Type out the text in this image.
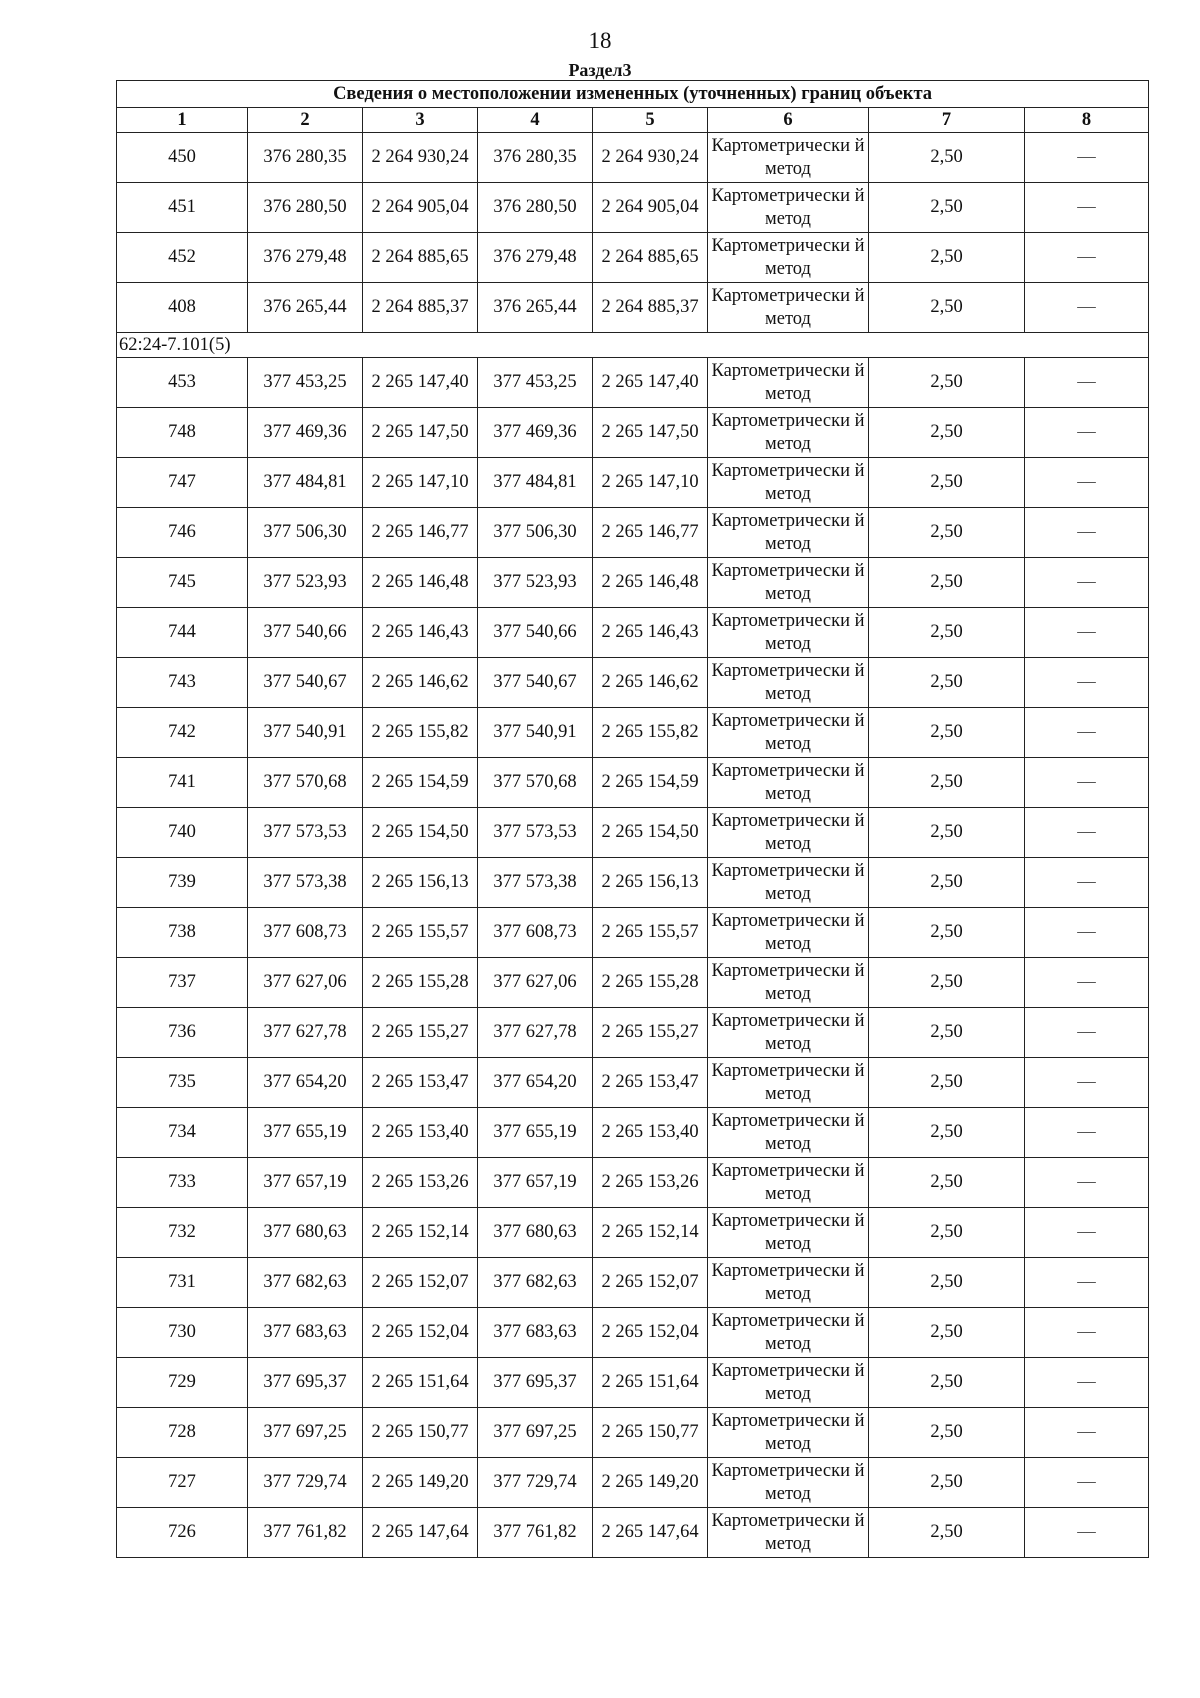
18
Раздел3
Сведения о местоположении измененных (уточненных) границ объекта							
1	2	3	4	5	6	7	8
450	376 280,35	2 264 930,24	376 280,35	2 264 930,24	Картометрически й метод	2,50	—
451	376 280,50	2 264 905,04	376 280,50	2 264 905,04	Картометрически й метод	2,50	—
452	376 279,48	2 264 885,65	376 279,48	2 264 885,65	Картометрически й метод	2,50	—
408	376 265,44	2 264 885,37	376 265,44	2 264 885,37	Картометрически й метод	2,50	—
62:24-7.101(5)							
453	377 453,25	2 265 147,40	377 453,25	2 265 147,40	Картометрически й метод	2,50	—
748	377 469,36	2 265 147,50	377 469,36	2 265 147,50	Картометрически й метод	2,50	—
747	377 484,81	2 265 147,10	377 484,81	2 265 147,10	Картометрически й метод	2,50	—
746	377 506,30	2 265 146,77	377 506,30	2 265 146,77	Картометрически й метод	2,50	—
745	377 523,93	2 265 146,48	377 523,93	2 265 146,48	Картометрически й метод	2,50	—
744	377 540,66	2 265 146,43	377 540,66	2 265 146,43	Картометрически й метод	2,50	—
743	377 540,67	2 265 146,62	377 540,67	2 265 146,62	Картометрически й метод	2,50	—
742	377 540,91	2 265 155,82	377 540,91	2 265 155,82	Картометрически й метод	2,50	—
741	377 570,68	2 265 154,59	377 570,68	2 265 154,59	Картометрически й метод	2,50	—
740	377 573,53	2 265 154,50	377 573,53	2 265 154,50	Картометрически й метод	2,50	—
739	377 573,38	2 265 156,13	377 573,38	2 265 156,13	Картометрически й метод	2,50	—
738	377 608,73	2 265 155,57	377 608,73	2 265 155,57	Картометрически й метод	2,50	—
737	377 627,06	2 265 155,28	377 627,06	2 265 155,28	Картометрически й метод	2,50	—
736	377 627,78	2 265 155,27	377 627,78	2 265 155,27	Картометрически й метод	2,50	—
735	377 654,20	2 265 153,47	377 654,20	2 265 153,47	Картометрически й метод	2,50	—
734	377 655,19	2 265 153,40	377 655,19	2 265 153,40	Картометрически й метод	2,50	—
733	377 657,19	2 265 153,26	377 657,19	2 265 153,26	Картометрически й метод	2,50	—
732	377 680,63	2 265 152,14	377 680,63	2 265 152,14	Картометрически й метод	2,50	—
731	377 682,63	2 265 152,07	377 682,63	2 265 152,07	Картометрически й метод	2,50	—
730	377 683,63	2 265 152,04	377 683,63	2 265 152,04	Картометрически й метод	2,50	—
729	377 695,37	2 265 151,64	377 695,37	2 265 151,64	Картометрически й метод	2,50	—
728	377 697,25	2 265 150,77	377 697,25	2 265 150,77	Картометрически й метод	2,50	—
727	377 729,74	2 265 149,20	377 729,74	2 265 149,20	Картометрически й метод	2,50	—
726	377 761,82	2 265 147,64	377 761,82	2 265 147,64	Картометрически й метод	2,50	—
